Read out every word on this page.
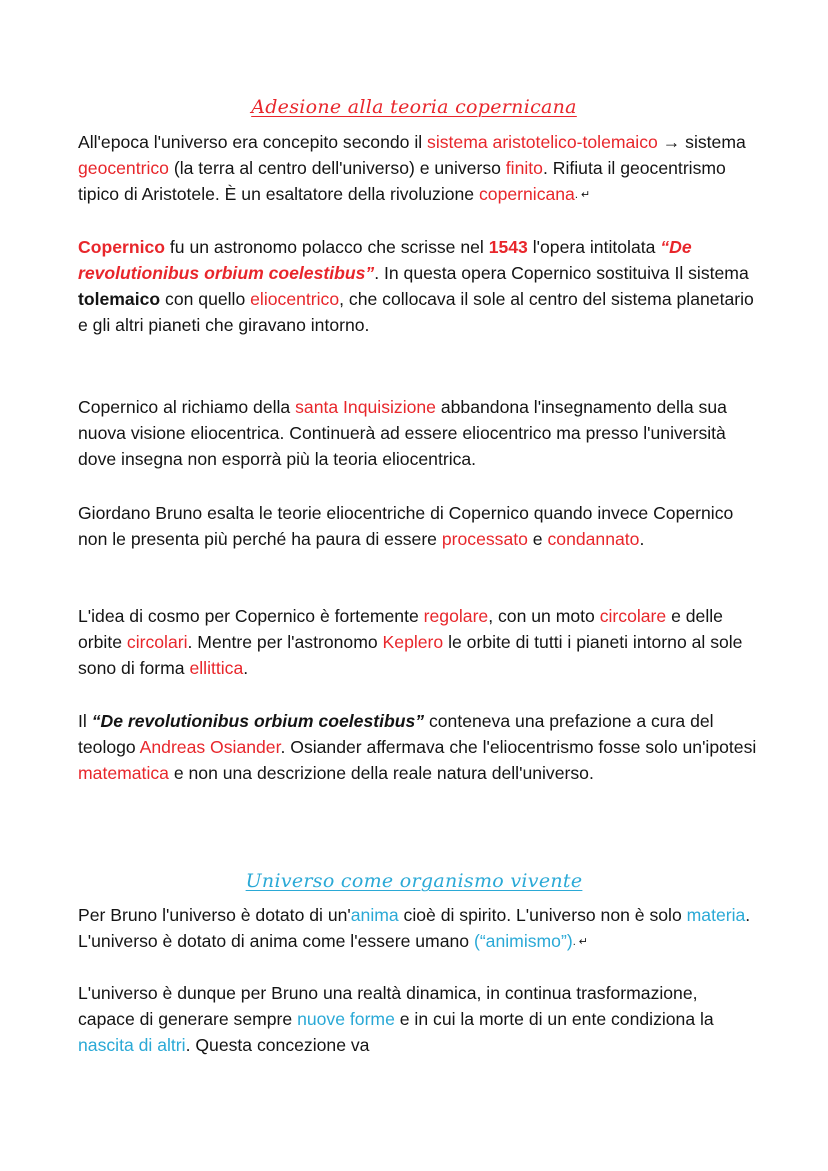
Adesione alla teoria copernicana

All'epoca l'universo era concepito secondo il sistema aristotelico-tolemaico → sistema geocentrico (la terra al centro dell'universo) e universo finito. Rifiuta il geocentrismo tipico di Aristotele. È un esaltatore della rivoluzione copernicana. ↵

Copernico fu un astronomo polacco che scrisse nel 1543 l'opera intitolata “De revolutionibus orbium coelestibus”. In questa opera Copernico sostituiva Il sistema tolemaico con quello eliocentrico, che collocava il sole al centro del sistema planetario e gli altri pianeti che giravano intorno.

Copernico al richiamo della santa Inquisizione abbandona l'insegnamento della sua nuova visione eliocentrica. Continuerà ad essere eliocentrico ma presso l'università dove insegna non esporrà più la teoria eliocentrica.

Giordano Bruno esalta le teorie eliocentriche di Copernico quando invece Copernico non le presenta più perché ha paura di essere processato e condannato.

L'idea di cosmo per Copernico è fortemente regolare, con un moto circolare e delle orbite circolari. Mentre per l'astronomo Keplero le orbite di tutti i pianeti intorno al sole sono di forma ellittica.

Il “De revolutionibus orbium coelestibus” conteneva una prefazione a cura del teologo Andreas Osiander. Osiander affermava che l'eliocentrismo fosse solo un'ipotesi matematica e non una descrizione della reale natura dell'universo.

Universo come organismo vivente

Per Bruno l'universo è dotato di un'anima cioè di spirito. L'universo non è solo materia. L'universo è dotato di anima come l'essere umano (“animismo”). ↵

L'universo è dunque per Bruno una realtà dinamica, in continua trasformazione, capace di generare sempre nuove forme e in cui la morte di un ente condiziona la nascita di altri. Questa concezione va
